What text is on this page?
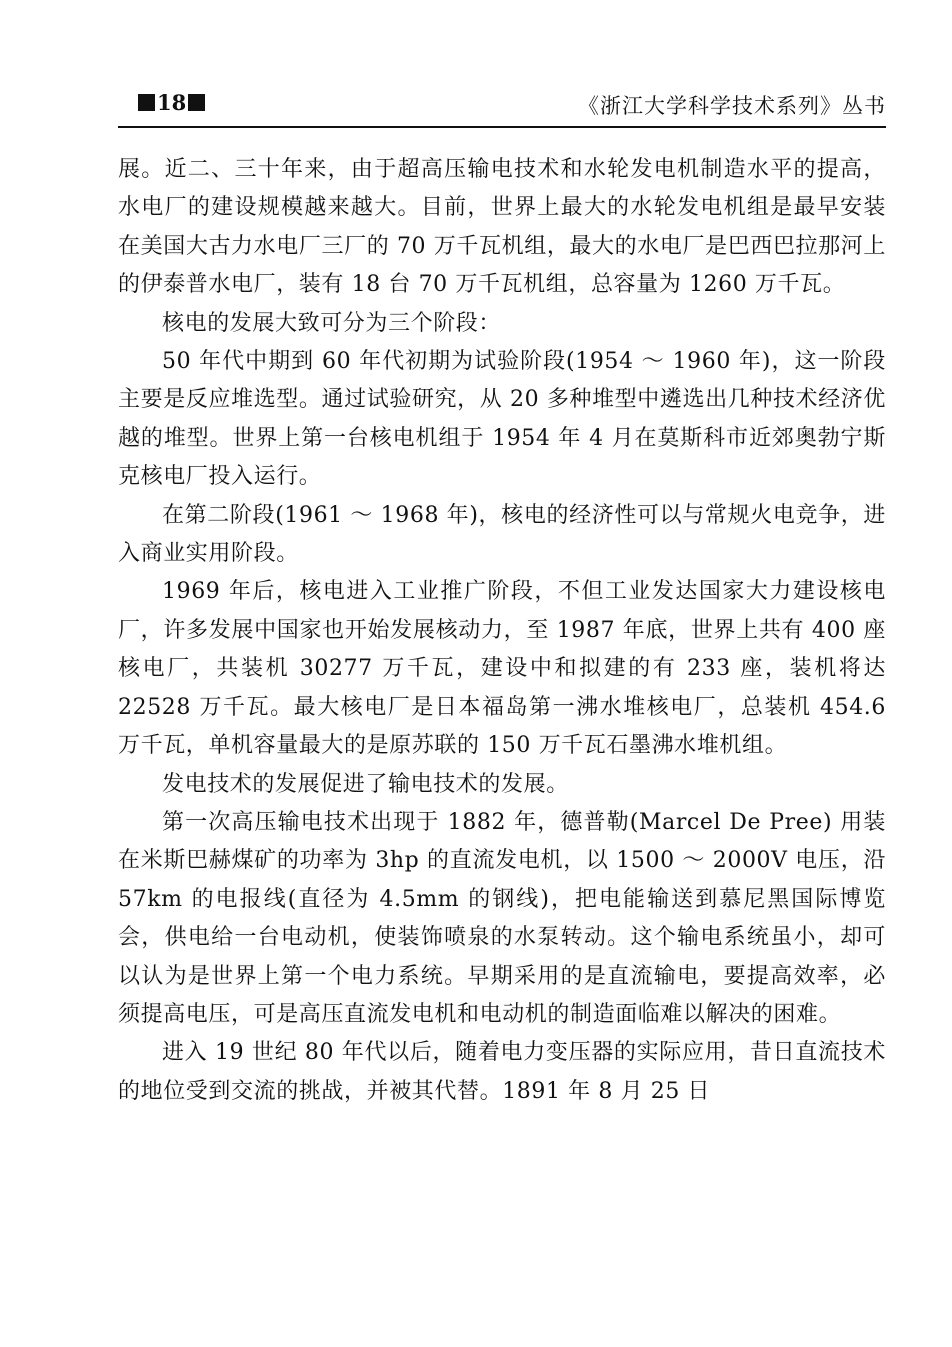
18	《浙江大学科学技术系列》丛书

展。近二、三十年来，由于超高压输电技术和水轮发电机制造水平的提高，水电厂的建设规模越来越大。目前，世界上最大的水轮发电机组是最早安装在美国大古力水电厂三厂的 70 万千瓦机组，最大的水电厂是巴西巴拉那河上的伊泰普水电厂，装有 18 台 70 万千瓦机组，总容量为 1260 万千瓦。

核电的发展大致可分为三个阶段：

50 年代中期到 60 年代初期为试验阶段(1954 ～ 1960 年)，这一阶段主要是反应堆选型。通过试验研究，从 20 多种堆型中遴选出几种技术经济优越的堆型。世界上第一台核电机组于 1954 年 4 月在莫斯科市近郊奥勃宁斯克核电厂投入运行。

在第二阶段(1961 ～ 1968 年)，核电的经济性可以与常规火电竞争，进入商业实用阶段。

1969 年后，核电进入工业推广阶段，不但工业发达国家大力建设核电厂，许多发展中国家也开始发展核动力，至 1987 年底，世界上共有 400 座核电厂，共装机 30277 万千瓦，建设中和拟建的有 233 座，装机将达 22528 万千瓦。最大核电厂是日本福岛第一沸水堆核电厂，总装机 454.6 万千瓦，单机容量最大的是原苏联的 150 万千瓦石墨沸水堆机组。

发电技术的发展促进了输电技术的发展。

第一次高压输电技术出现于 1882 年，德普勒(Marcel De Pree) 用装在米斯巴赫煤矿的功率为 3hp 的直流发电机，以 1500 ～ 2000V 电压，沿 57km 的电报线(直径为 4.5mm 的钢线)，把电能输送到慕尼黑国际博览会，供电给一台电动机，使装饰喷泉的水泵转动。这个输电系统虽小，却可以认为是世界上第一个电力系统。早期采用的是直流输电，要提高效率，必须提高电压，可是高压直流发电机和电动机的制造面临难以解决的困难。

进入 19 世纪 80 年代以后，随着电力变压器的实际应用，昔日直流技术的地位受到交流的挑战，并被其代替。1891 年 8 月 25 日
